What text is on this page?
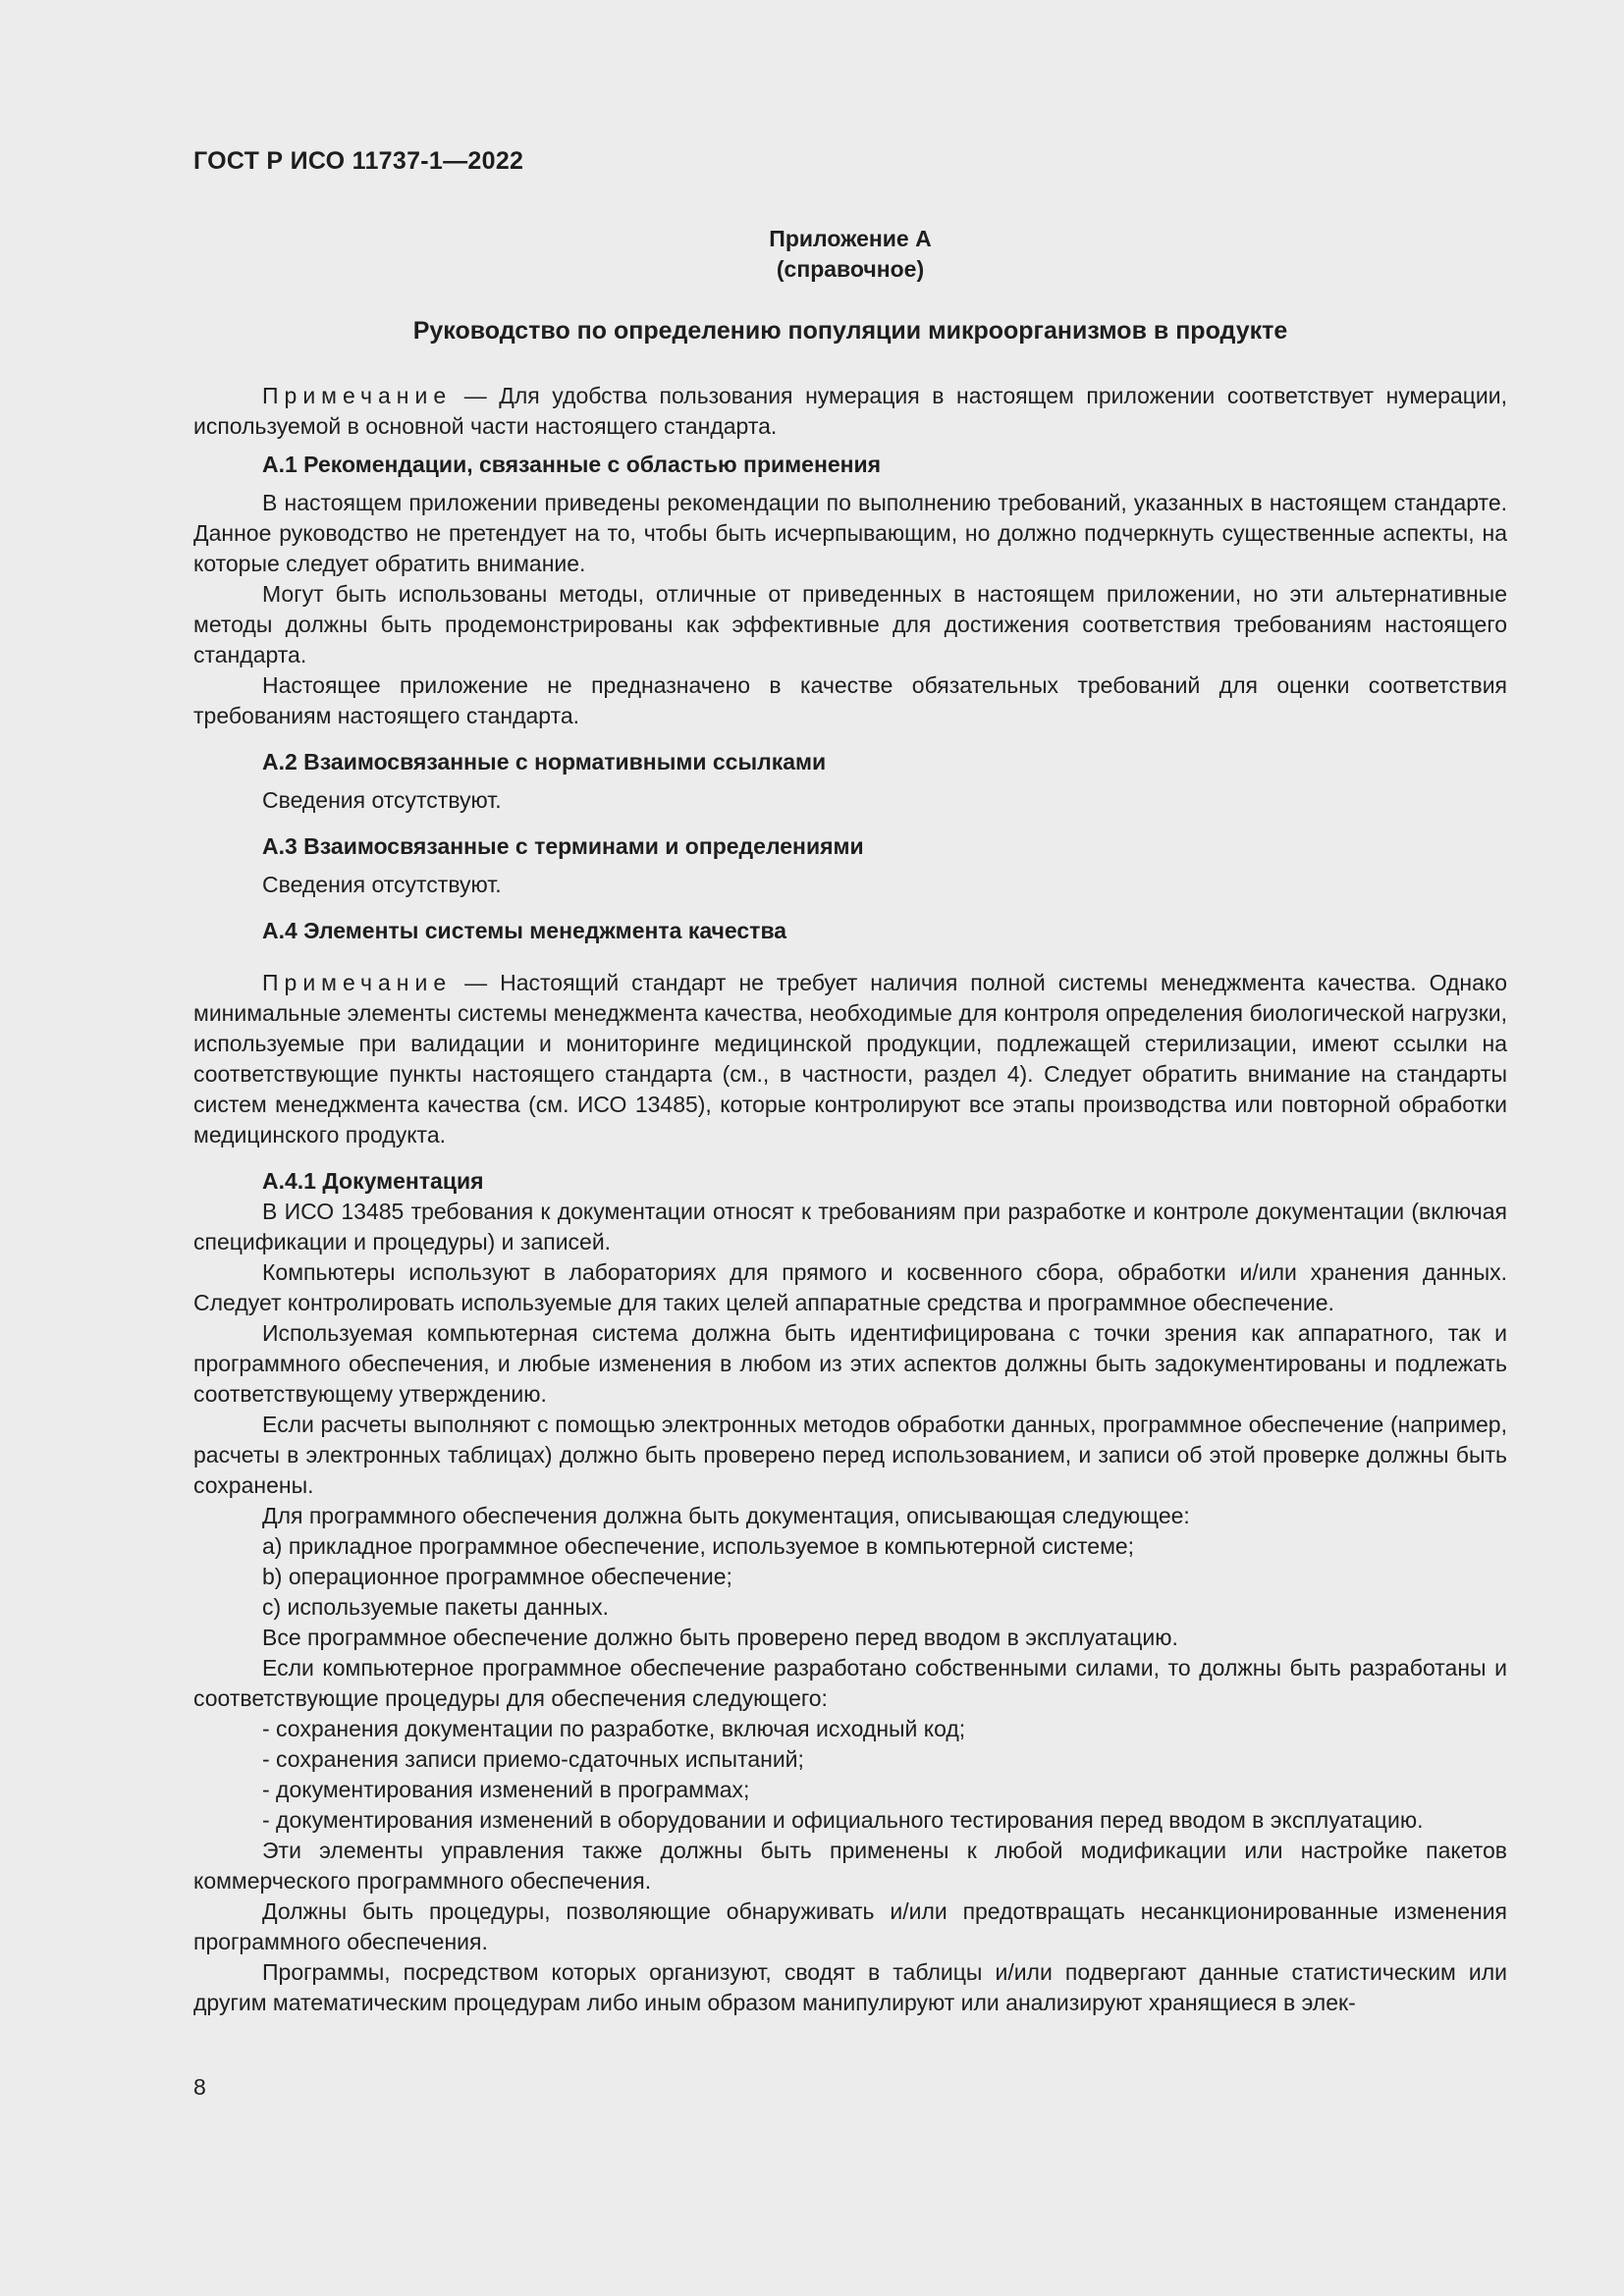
ГОСТ Р ИСО 11737-1—2022
Приложение А
(справочное)
Руководство по определению популяции микроорганизмов в продукте

Примечание — Для удобства пользования нумерация в настоящем приложении соответствует нумерации, используемой в основной части настоящего стандарта.

А.1 Рекомендации, связанные с областью применения

В настоящем приложении приведены рекомендации по выполнению требований, указанных в настоящем стандарте. Данное руководство не претендует на то, чтобы быть исчерпывающим, но должно подчеркнуть существенные аспекты, на которые следует обратить внимание.

Могут быть использованы методы, отличные от приведенных в настоящем приложении, но эти альтернативные методы должны быть продемонстрированы как эффективные для достижения соответствия требованиям настоящего стандарта.

Настоящее приложение не предназначено в качестве обязательных требований для оценки соответствия требованиям настоящего стандарта.

А.2 Взаимосвязанные с нормативными ссылками

Сведения отсутствуют.

А.3 Взаимосвязанные с терминами и определениями

Сведения отсутствуют.

А.4 Элементы системы менеджмента качества

Примечание — Настоящий стандарт не требует наличия полной системы менеджмента качества. Однако минимальные элементы системы менеджмента качества, необходимые для контроля определения биологической нагрузки, используемые при валидации и мониторинге медицинской продукции, подлежащей стерилизации, имеют ссылки на соответствующие пункты настоящего стандарта (см., в частности, раздел 4). Следует обратить внимание на стандарты систем менеджмента качества (см. ИСО 13485), которые контролируют все этапы производства или повторной обработки медицинского продукта.

А.4.1 Документация

В ИСО 13485 требования к документации относят к требованиям при разработке и контроле документации (включая спецификации и процедуры) и записей.

Компьютеры используют в лабораториях для прямого и косвенного сбора, обработки и/или хранения данных. Следует контролировать используемые для таких целей аппаратные средства и программное обеспечение.

Используемая компьютерная система должна быть идентифицирована с точки зрения как аппаратного, так и программного обеспечения, и любые изменения в любом из этих аспектов должны быть задокументированы и подлежать соответствующему утверждению.

Если расчеты выполняют с помощью электронных методов обработки данных, программное обеспечение (например, расчеты в электронных таблицах) должно быть проверено перед использованием, и записи об этой проверке должны быть сохранены.

Для программного обеспечения должна быть документация, описывающая следующее:

a) прикладное программное обеспечение, используемое в компьютерной системе;

b) операционное программное обеспечение;

c) используемые пакеты данных.

Все программное обеспечение должно быть проверено перед вводом в эксплуатацию.

Если компьютерное программное обеспечение разработано собственными силами, то должны быть разработаны и соответствующие процедуры для обеспечения следующего:

- сохранения документации по разработке, включая исходный код;

- сохранения записи приемо-сдаточных испытаний;

- документирования изменений в программах;

- документирования изменений в оборудовании и официального тестирования перед вводом в эксплуатацию.

Эти элементы управления также должны быть применены к любой модификации или настройке пакетов коммерческого программного обеспечения.

Должны быть процедуры, позволяющие обнаруживать и/или предотвращать несанкционированные изменения программного обеспечения.

Программы, посредством которых организуют, сводят в таблицы и/или подвергают данные статистическим или другим математическим процедурам либо иным образом манипулируют или анализируют хранящиеся в элек-

8
